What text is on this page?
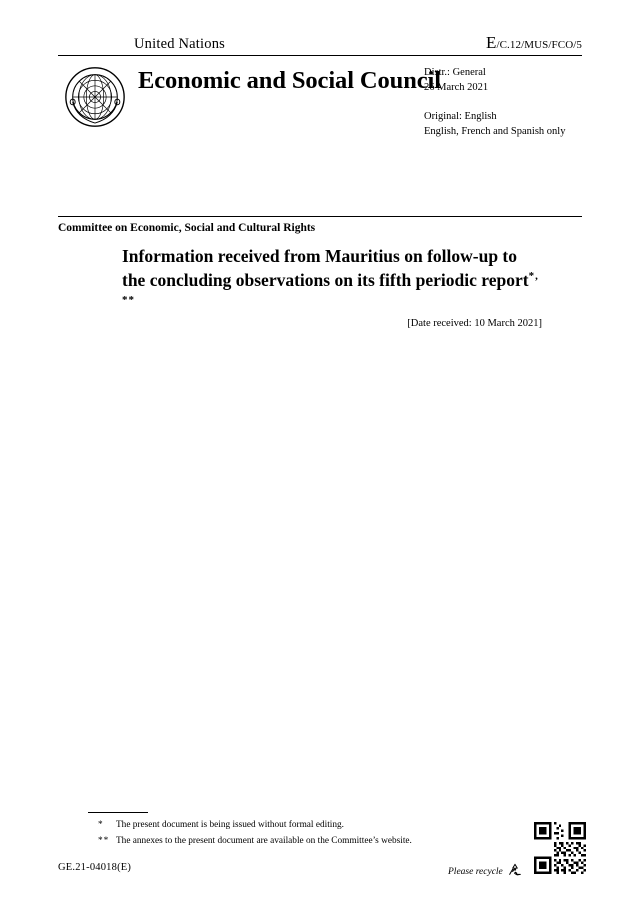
United Nations	E/C.12/MUS/FCO/5
Economic and Social Council
Distr.: General
26 March 2021
Original: English
English, French and Spanish only
Committee on Economic, Social and Cultural Rights
Information received from Mauritius on follow-up to the concluding observations on its fifth periodic report*, **
[Date received: 10 March 2021]
* The present document is being issued without formal editing.
** The annexes to the present document are available on the Committee’s website.
GE.21-04018(E)	Please recycle
